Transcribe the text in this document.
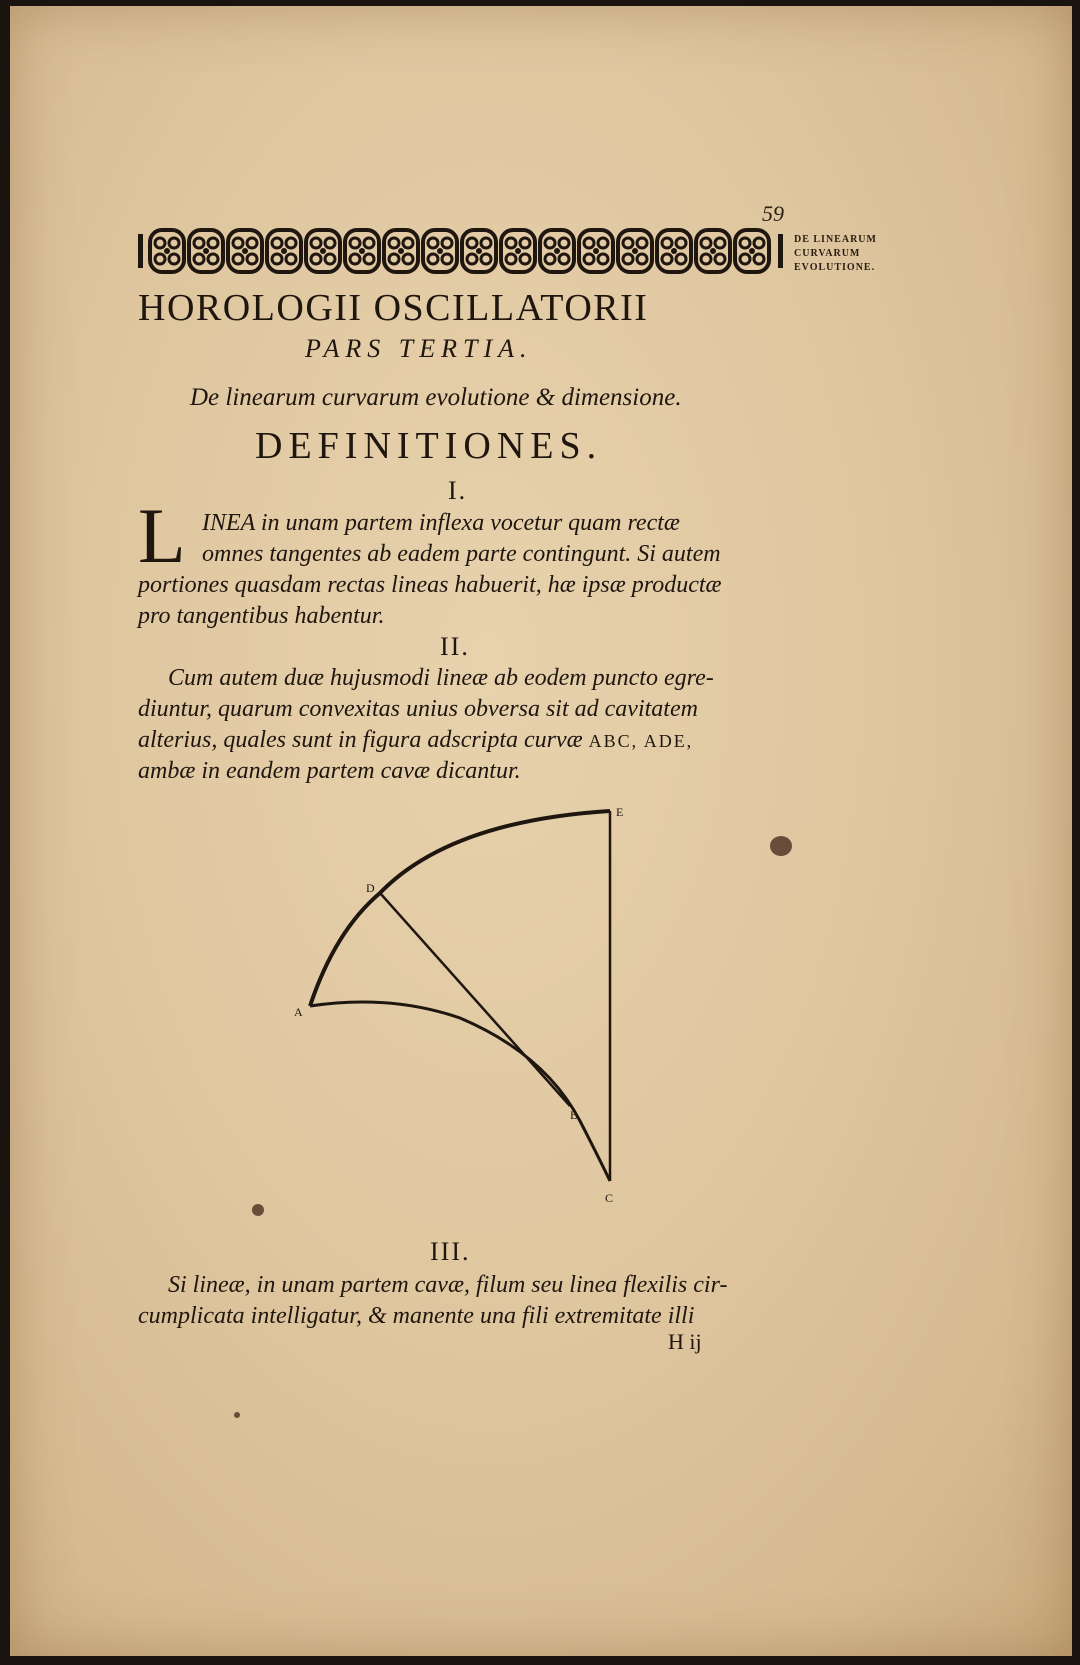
59
DE LINEARUM
CURVARUM
EVOLUTIONE.
HOROLOGII OSCILLATORII
PARS TERTIA.
De linearum curvarum evolutione & dimensione.
DEFINITIONES.
I.
L INEA in unam partem inflexa vocetur quam rectæ
omnes tangentes ab eadem parte contingunt. Si autem
portiones quasdam rectas lineas habuerit, hæ ipsæ productæ
pro tangentibus habentur.
II.
Cum autem duæ hujusmodi lineæ ab eodem puncto egre-
diuntur, quarum convexitas unius obversa sit ad cavitatem
alterius, quales sunt in figura adscripta curvæ ABC, ADE,
ambæ in eandem partem cavæ dicantur.
A
B
C
D
E
III.
Si lineæ, in unam partem cavæ, filum seu linea flexilis cir-
cumplicata intelligatur, & manente una fili extremitate illi
H ij
